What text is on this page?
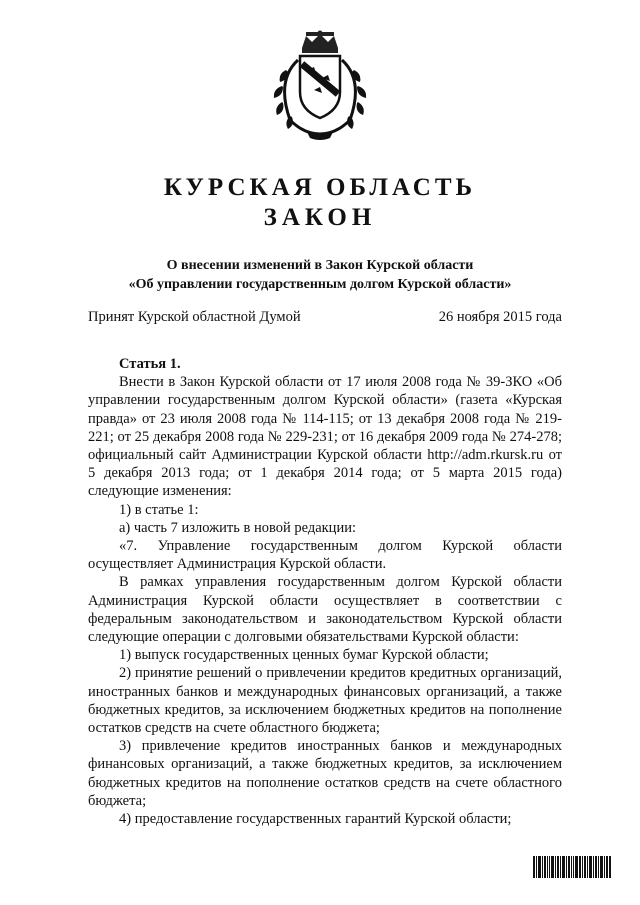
КУРСКАЯ ОБЛАСТЬ
ЗАКОН
О внесении изменений в Закон Курской области
«Об управлении государственным долгом Курской области»
Принят Курской областной Думой	26 ноября 2015 года

Статья 1.

Внести в Закон Курской области от 17 июля 2008 года № 39-ЗКО «Об управлении государственным долгом Курской области» (газета «Курская правда» от 23 июля 2008 года № 114-115; от 13 декабря 2008 года № 219-221; от 25 декабря 2008 года № 229-231; от 16 декабря 2009 года № 274-278; официальный сайт Администрации Курской области http://adm.rkursk.ru от 5 декабря 2013 года; от 1 декабря 2014 года; от 5 марта 2015 года) следующие изменения:

1) в статье 1:

а) часть 7 изложить в новой редакции:

«7. Управление государственным долгом Курской области осуществляет Администрация Курской области.

В рамках управления государственным долгом Курской области Администрация Курской области осуществляет в соответствии с федеральным законодательством и законодательством Курской области следующие операции с долговыми обязательствами Курской области:

1) выпуск государственных ценных бумаг Курской области;

2) принятие решений о привлечении кредитов кредитных организаций, иностранных банков и международных финансовых организаций, а также бюджетных кредитов, за исключением бюджетных кредитов на пополнение остатков средств на счете областного бюджета;

3) привлечение кредитов иностранных банков и международных финансовых организаций, а также бюджетных кредитов, за исключением бюджетных кредитов на пополнение остатков средств на счете областного бюджета;

4) предоставление государственных гарантий Курской области;
